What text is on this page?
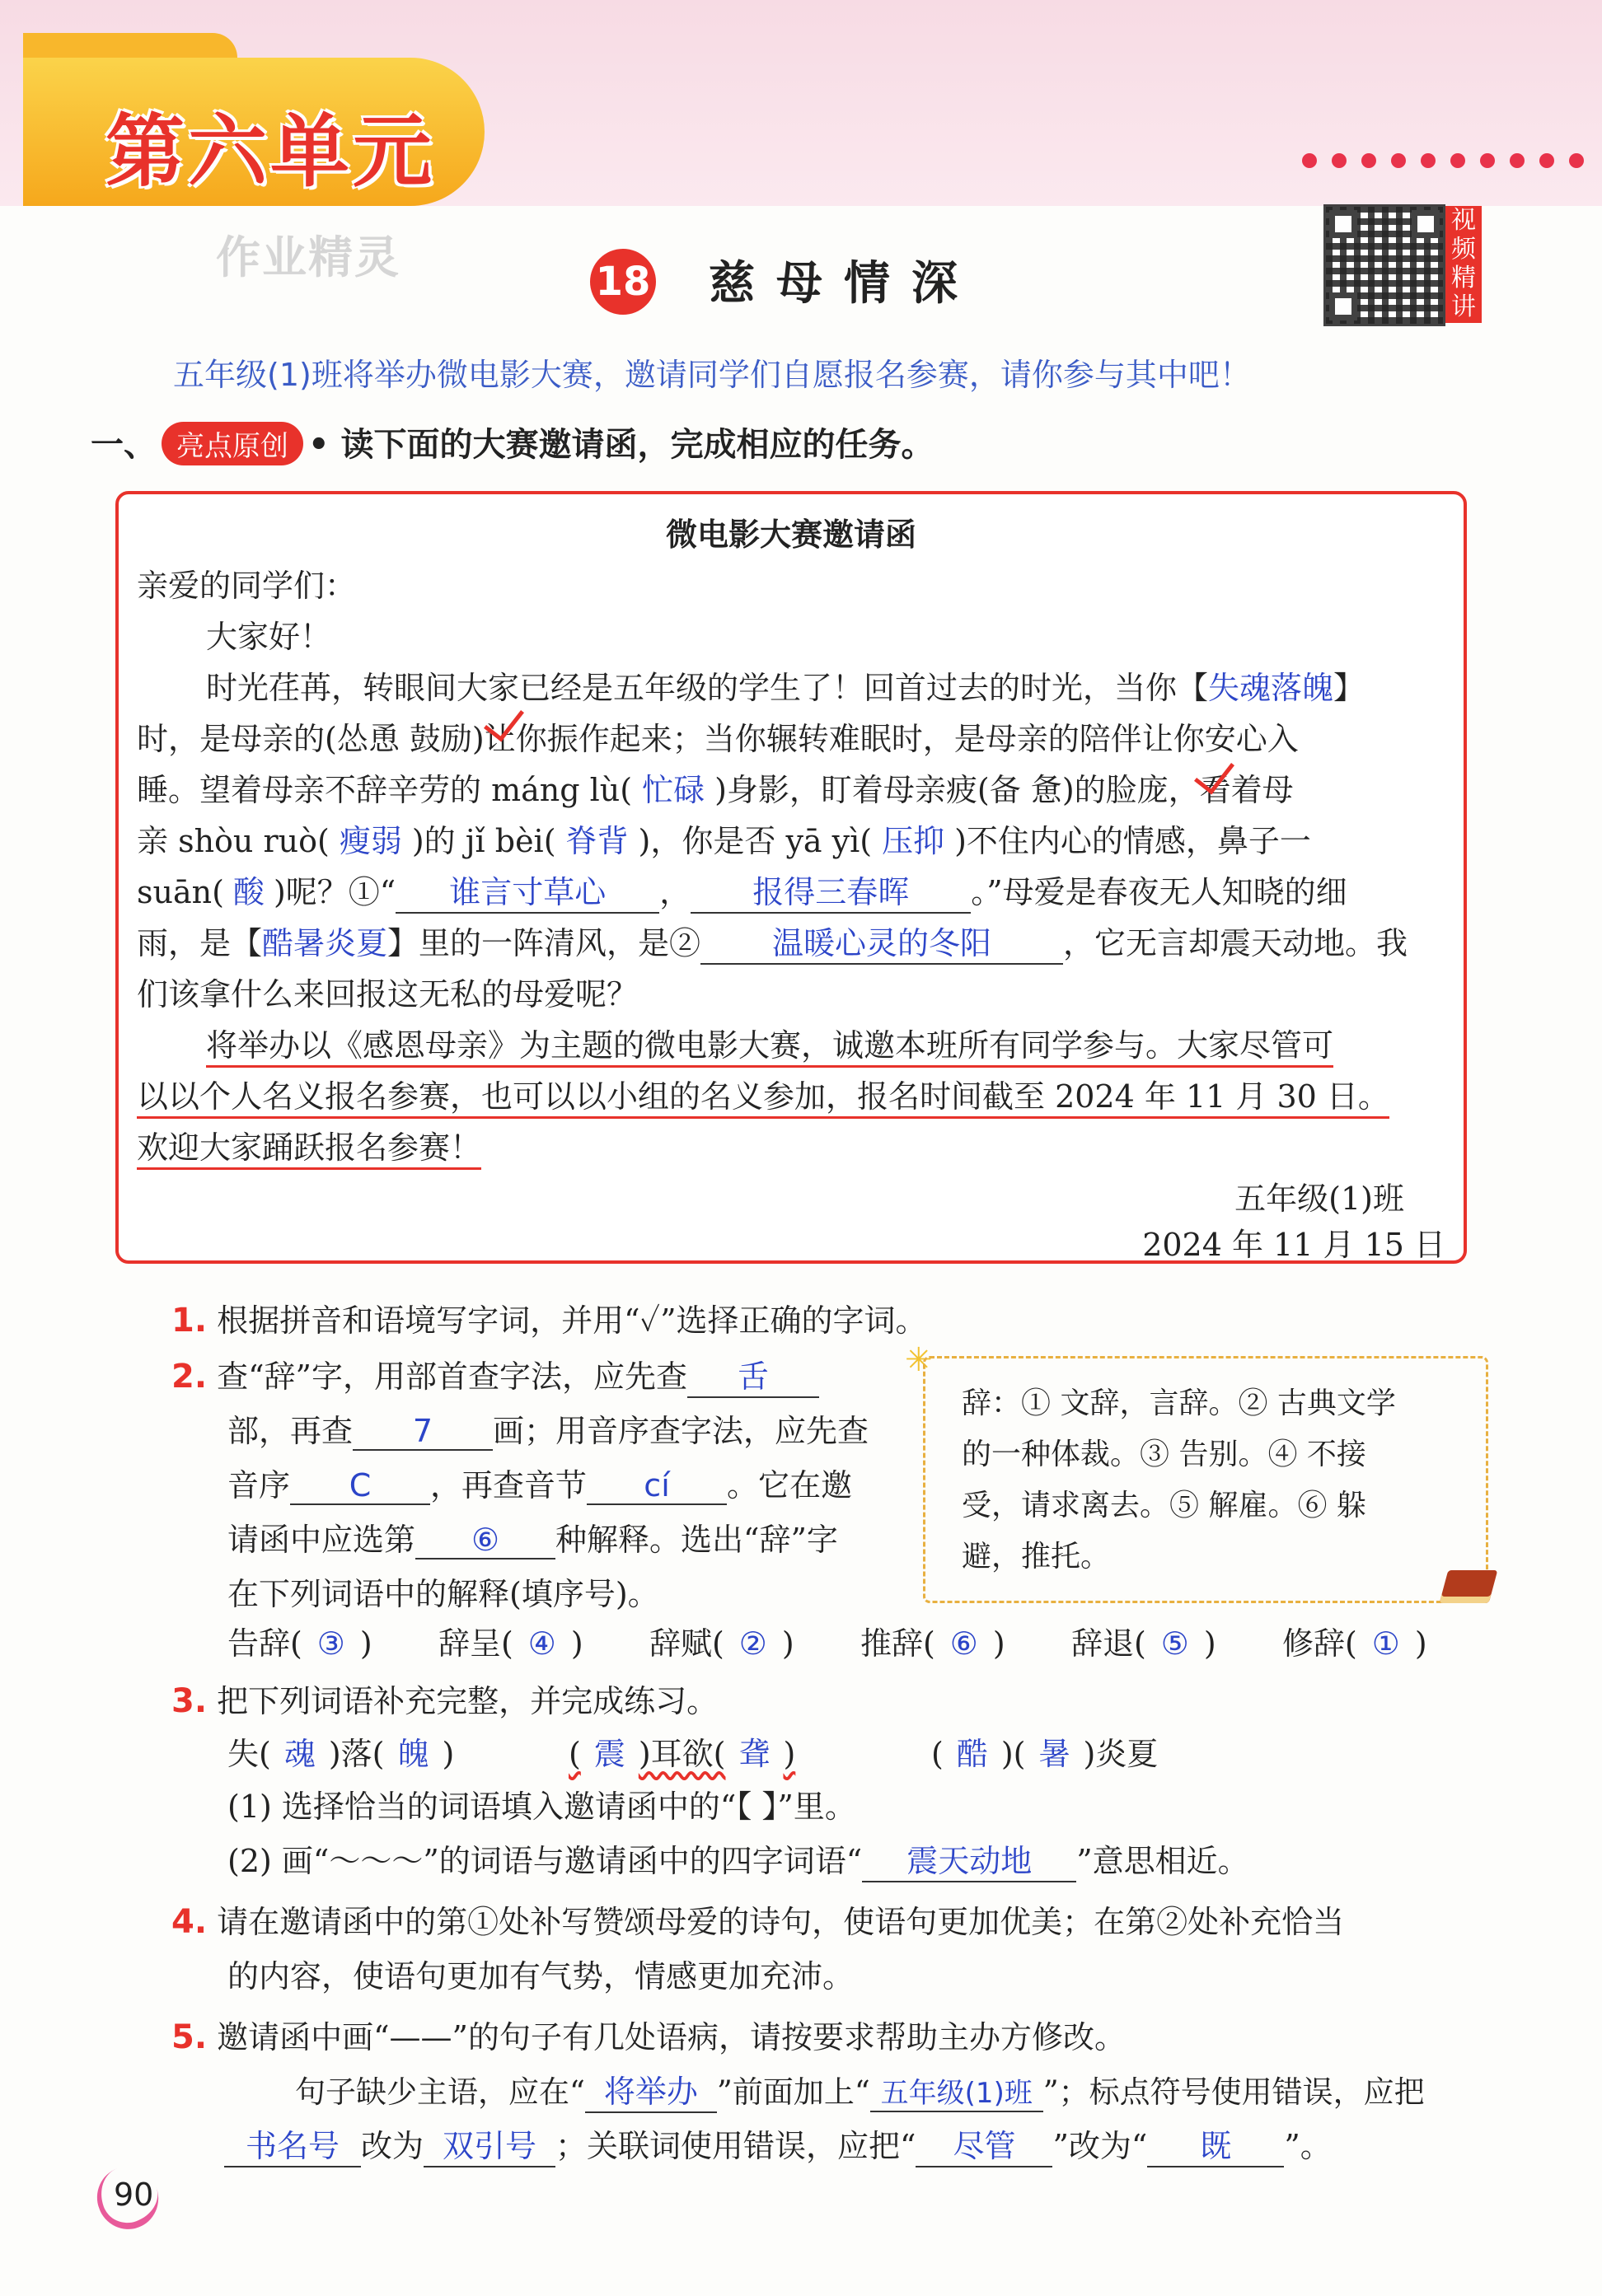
第六单元
作业精灵	18 慈母情深
视频精讲
五年级(1)班将举办微电影大赛，邀请同学们自愿报名参赛，请你参与其中吧！
一、 亮点原创 • 读下面的大赛邀请函，完成相应的任务。
微电影大赛邀请函
亲爱的同学们：
大家好！
时光荏苒，转眼间大家已经是五年级的学生了！回首过去的时光，当你【失魂落魄】
时，是母亲的(怂恿 鼓励)让你振作起来；当你辗转难眠时，是母亲的陪伴让你安心入
睡。望着母亲不辞辛劳的 máng lù( 忙碌 )身影，盯着母亲疲(备 惫)的脸庞，看着母
亲 shòu ruò( 瘦弱 )的 jǐ bèi( 脊背 )，你是否 yā yì( 压抑 )不住内心的情感，鼻子一
suān( 酸 )呢？①“ 谁言寸草心 ， 报得三春晖 。”母爱是春夜无人知晓的细
雨，是【酷暑炎夏】里的一阵清风，是② 温暖心灵的冬阳 ，它无言却震天动地。我
们该拿什么来回报这无私的母爱呢？
将举办以《感恩母亲》为主题的微电影大赛，诚邀本班所有同学参与。大家尽管可
以以个人名义报名参赛，也可以以小组的名义参加，报名时间截至 2024 年 11 月 30 日。
欢迎大家踊跃报名参赛！
五年级(1)班
2024 年 11 月 15 日
1. 根据拼音和语境写字词，并用“✓”选择正确的字词。
2. 查“辞”字，用部首查字法，应先查 舌
部，再查 7 画；用音序查字法，应先查
音序 C ，再查音节 cí 。它在邀
请函中应选第 ⑥ 种解释。选出“辞”字
在下列词语中的解释(填序号)。
✳
辞：① 文辞，言辞。② 古典文学
的一种体裁。③ 告别。④ 不接
受，请求离去。⑤ 解雇。⑥ 躲
避，推托。
告辞( ③ ) 辞呈( ④ ) 辞赋( ② ) 推辞( ⑥ ) 辞退( ⑤ ) 修辞( ① )
3. 把下列词语补充完整，并完成练习。
失( 魂 )落( 魄 )	( 震 )耳欲( 聋 )	( 酷 )( 暑 )炎夏
(1) 选择恰当的词语填入邀请函中的“【 】”里。
(2) 画“～～～”的词语与邀请函中的四字词语“ 震天动地 ”意思相近。
4. 请在邀请函中的第①处补写赞颂母爱的诗句，使语句更加优美；在第②处补充恰当
的内容，使语句更加有气势，情感更加充沛。
5. 邀请函中画“——”的句子有几处语病，请按要求帮助主办方修改。
句子缺少主语，应在“ 将举办 ”前面加上“ 五年级(1)班 ”；标点符号使用错误，应把
书名号 改为 双引号 ；关联词使用错误，应把“ 尽管 ”改为“ 既 ”。
90
